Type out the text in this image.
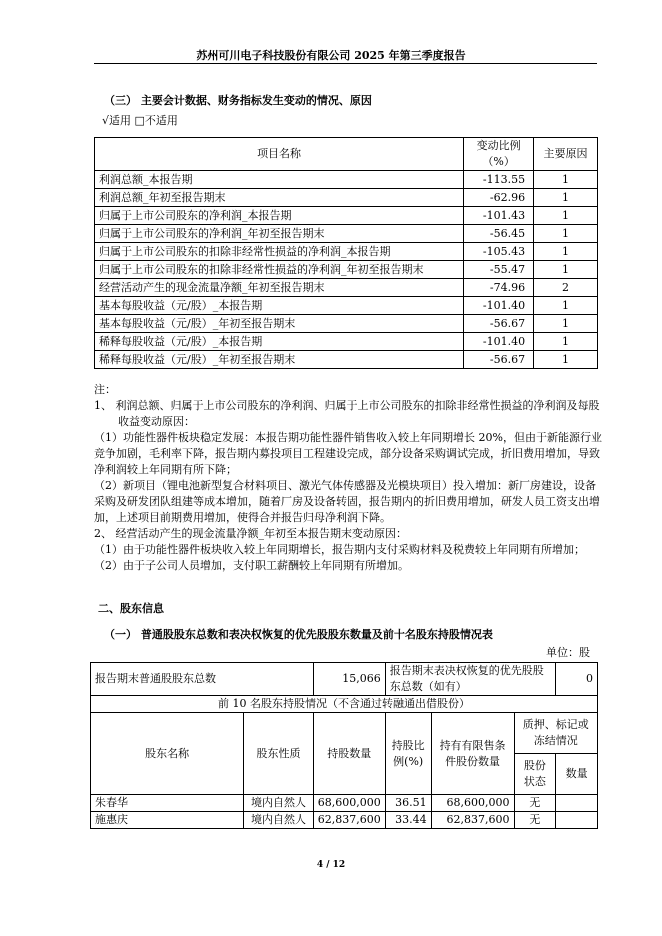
苏州可川电子科技股份有限公司 2025 年第三季度报告
（三） 主要会计数据、财务指标发生变动的情况、原因
√适用 □不适用
项目名称	变动比例（%）	主要原因
利润总额_本报告期	-113.55	1
利润总额_年初至报告期末	-62.96	1
归属于上市公司股东的净利润_本报告期	-101.43	1
归属于上市公司股东的净利润_年初至报告期末	-56.45	1
归属于上市公司股东的扣除非经常性损益的净利润_本报告期	-105.43	1
归属于上市公司股东的扣除非经常性损益的净利润_年初至报告期末	-55.47	1
经营活动产生的现金流量净额_年初至报告期末	-74.96	2
基本每股收益（元/股）_本报告期	-101.40	1
基本每股收益（元/股）_年初至报告期末	-56.67	1
稀释每股收益（元/股）_本报告期	-101.40	1
稀释每股收益（元/股）_年初至报告期末	-56.67	1

注：

1、 利润总额、归属于上市公司股东的净利润、归属于上市公司股东的扣除非经常性损益的净利润及每股收益变动原因：

（1）功能性器件板块稳定发展：本报告期功能性器件销售收入较上年同期增长 20%，但由于新能源行业竞争加剧，毛利率下降，报告期内募投项目工程建设完成，部分设备采购调试完成，折旧费用增加，导致净利润较上年同期有所下降；

（2）新项目（锂电池新型复合材料项目、激光气体传感器及光模块项目）投入增加：新厂房建设，设备采购及研发团队组建等成本增加，随着厂房及设备转固，报告期内的折旧费用增加，研发人员工资支出增加，上述项目前期费用增加，使得合并报告归母净利润下降。

2、 经营活动产生的现金流量净额_年初至本报告期末变动原因：

（1）由于功能性器件板块收入较上年同期增长，报告期内支付采购材料及税费较上年同期有所增加；

（2）由于子公司人员增加，支付职工薪酬较上年同期有所增加。

二、股东信息
（一） 普通股股东总数和表决权恢复的优先股股东数量及前十名股东持股情况表
单位：股
报告期末普通股股东总数		15,066	报告期末表决权恢复的优先股股东总数（如有）			0
前 10 名股东持股情况（不含通过转融通出借股份）						
股东名称	股东性质	持股数量	持股比例(%)	持有有限售条件股份数量	质押、标记或冻结情况	
					股份状态	数量
朱春华	境内自然人	68,600,000	36.51	68,600,000	无	
施惠庆	境内自然人	62,837,600	33.44	62,837,600	无	
4 / 12
